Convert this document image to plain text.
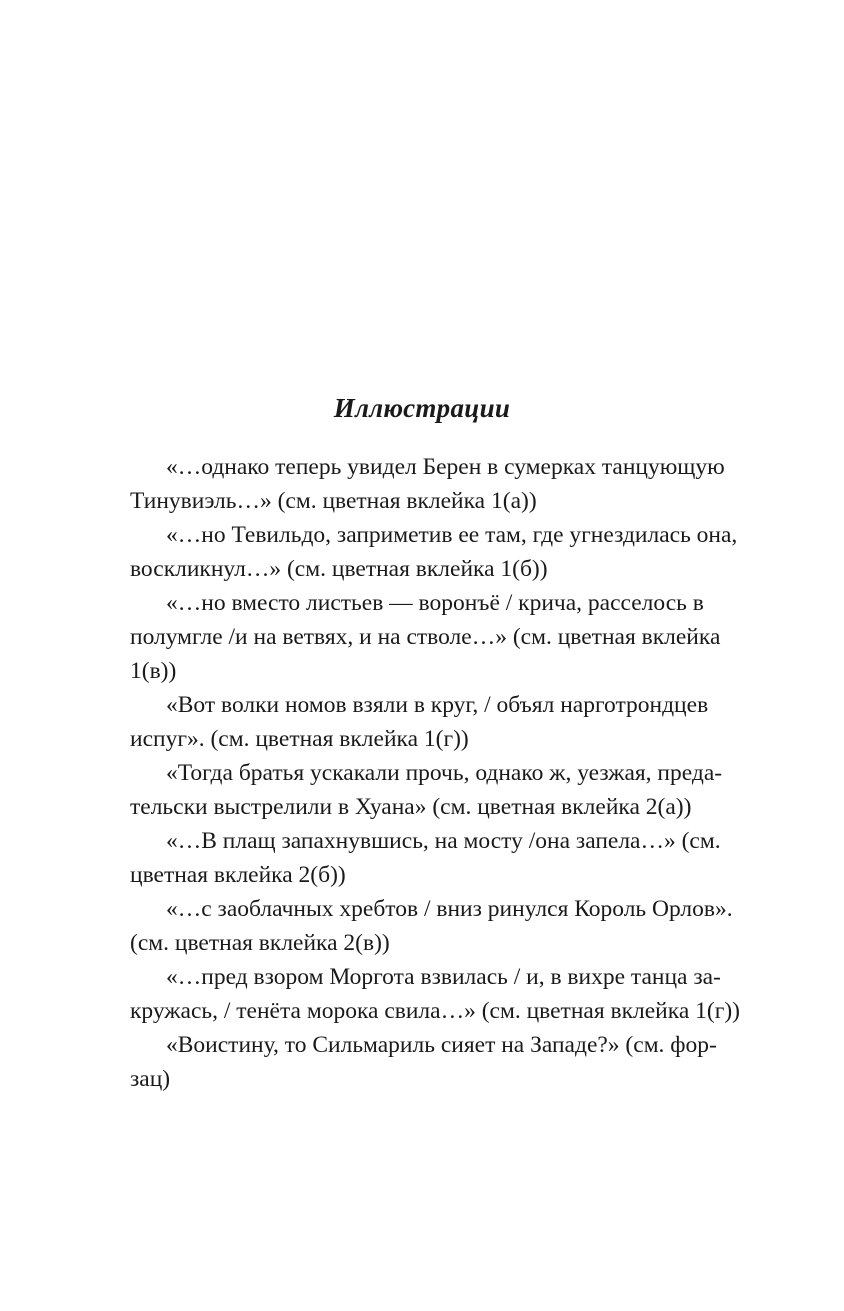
Иллюстрации
«…однако теперь увидел Берен в сумерках танцующую
Тинувиэль…» (см. цветная вклейка 1(а))
«…но Тевильдо, заприметив ее там, где угнездилась она,
воскликнул…» (см. цветная вклейка 1(б))
«…но вместо листьев — воронъё / крича, расселось в
полумгле /и на ветвях, и на стволе…» (см. цветная вклейка
1(в))
«Вот волки номов взяли в круг, / объял нарготрондцев
испуг». (см. цветная вклейка 1(г))
«Тогда братья ускакали прочь, однако ж, уезжая, преда-
тельски выстрелили в Хуана» (см. цветная вклейка 2(а))
«…В плащ запахнувшись, на мосту /она запела…» (см.
цветная вклейка 2(б))
«…с заоблачных хребтов / вниз ринулся Король Орлов».
(см. цветная вклейка 2(в))
«…пред взором Моргота взвилась / и, в вихре танца за-
кружась, / тенёта морока свила…» (см. цветная вклейка 1(г))
«Воистину, то Сильмариль сияет на Западе?» (см. фор-
зац)
